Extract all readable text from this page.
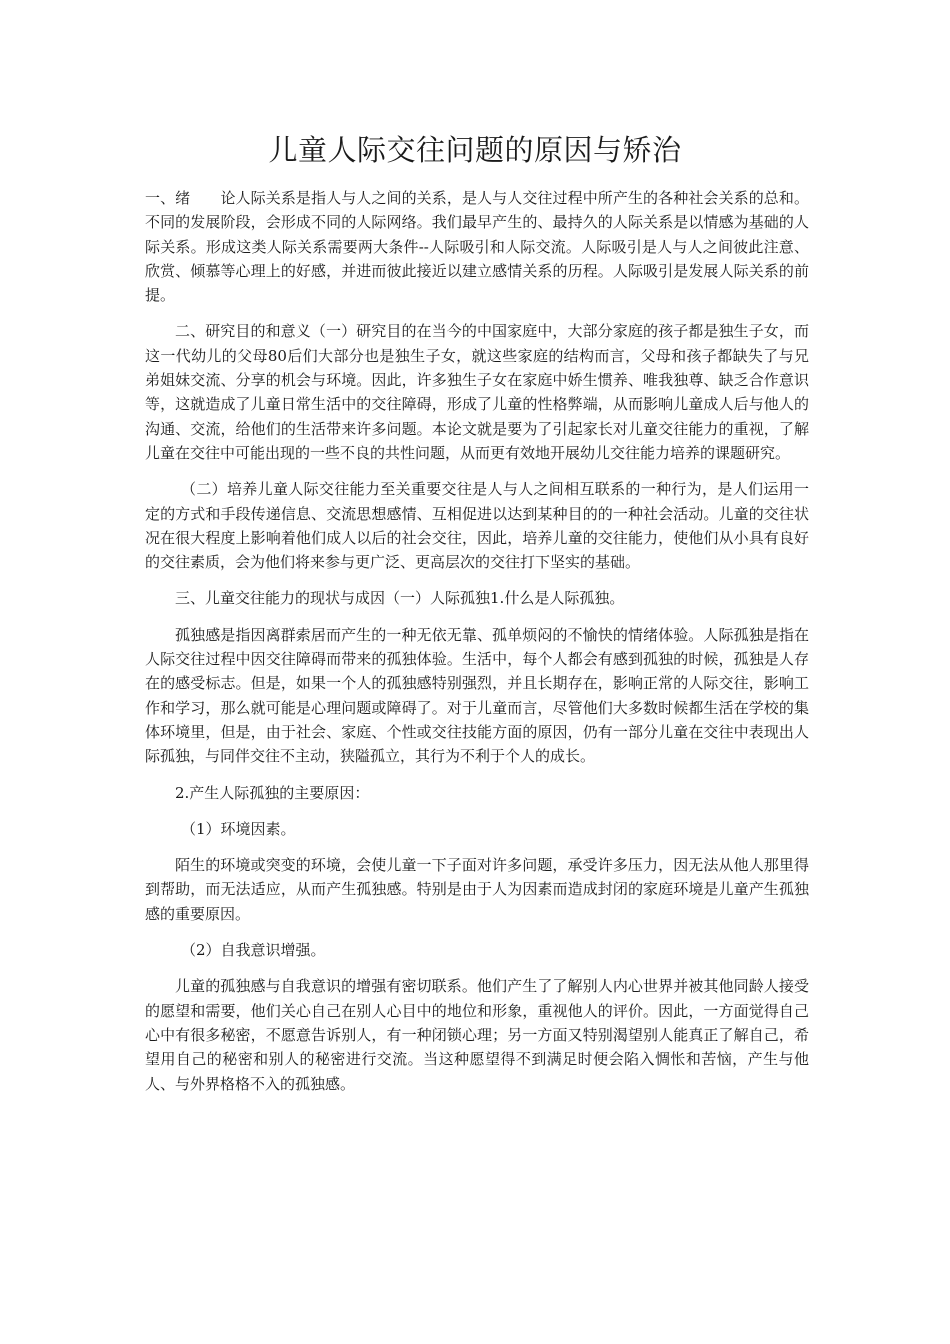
儿童人际交往问题的原因与矫治

一、绪　　论人际关系是指人与人之间的关系，是人与人交往过程中所产生的各种社会关系的总和。不同的发展阶段，会形成不同的人际网络。我们最早产生的、最持久的人际关系是以情感为基础的人际关系。形成这类人际关系需要两大条件--人际吸引和人际交流。人际吸引是人与人之间彼此注意、欣赏、倾慕等心理上的好感，并进而彼此接近以建立感情关系的历程。人际吸引是发展人际关系的前提。

二、研究目的和意义（一）研究目的在当今的中国家庭中，大部分家庭的孩子都是独生子女，而这一代幼儿的父母80后们大部分也是独生子女，就这些家庭的结构而言，父母和孩子都缺失了与兄弟姐妹交流、分享的机会与环境。因此，许多独生子女在家庭中娇生惯养、唯我独尊、缺乏合作意识等，这就造成了儿童日常生活中的交往障碍，形成了儿童的性格弊端，从而影响儿童成人后与他人的沟通、交流，给他们的生活带来许多问题。本论文就是要为了引起家长对儿童交往能力的重视，了解儿童在交往中可能出现的一些不良的共性问题，从而更有效地开展幼儿交往能力培养的课题研究。

（二）培养儿童人际交往能力至关重要交往是人与人之间相互联系的一种行为，是人们运用一定的方式和手段传递信息、交流思想感情、互相促进以达到某种目的的一种社会活动。儿童的交往状况在很大程度上影响着他们成人以后的社会交往，因此，培养儿童的交往能力，使他们从小具有良好的交往素质，会为他们将来参与更广泛、更高层次的交往打下坚实的基础。

三、儿童交往能力的现状与成因（一）人际孤独1.什么是人际孤独。

孤独感是指因离群索居而产生的一种无依无靠、孤单烦闷的不愉快的情绪体验。人际孤独是指在人际交往过程中因交往障碍而带来的孤独体验。生活中，每个人都会有感到孤独的时候，孤独是人存在的感受标志。但是，如果一个人的孤独感特别强烈，并且长期存在，影响正常的人际交往，影响工作和学习，那么就可能是心理问题或障碍了。对于儿童而言，尽管他们大多数时候都生活在学校的集体环境里，但是，由于社会、家庭、个性或交往技能方面的原因，仍有一部分儿童在交往中表现出人际孤独，与同伴交往不主动，狭隘孤立，其行为不利于个人的成长。

2.产生人际孤独的主要原因：

（1）环境因素。

陌生的环境或突变的环境，会使儿童一下子面对许多问题，承受许多压力，因无法从他人那里得到帮助，而无法适应，从而产生孤独感。特别是由于人为因素而造成封闭的家庭环境是儿童产生孤独感的重要原因。

（2）自我意识增强。

儿童的孤独感与自我意识的增强有密切联系。他们产生了了解别人内心世界并被其他同龄人接受的愿望和需要，他们关心自己在别人心目中的地位和形象，重视他人的评价。因此，一方面觉得自己心中有很多秘密，不愿意告诉别人，有一种闭锁心理；另一方面又特别渴望别人能真正了解自己，希望用自己的秘密和别人的秘密进行交流。当这种愿望得不到满足时便会陷入惆怅和苦恼，产生与他人、与外界格格不入的孤独感。
